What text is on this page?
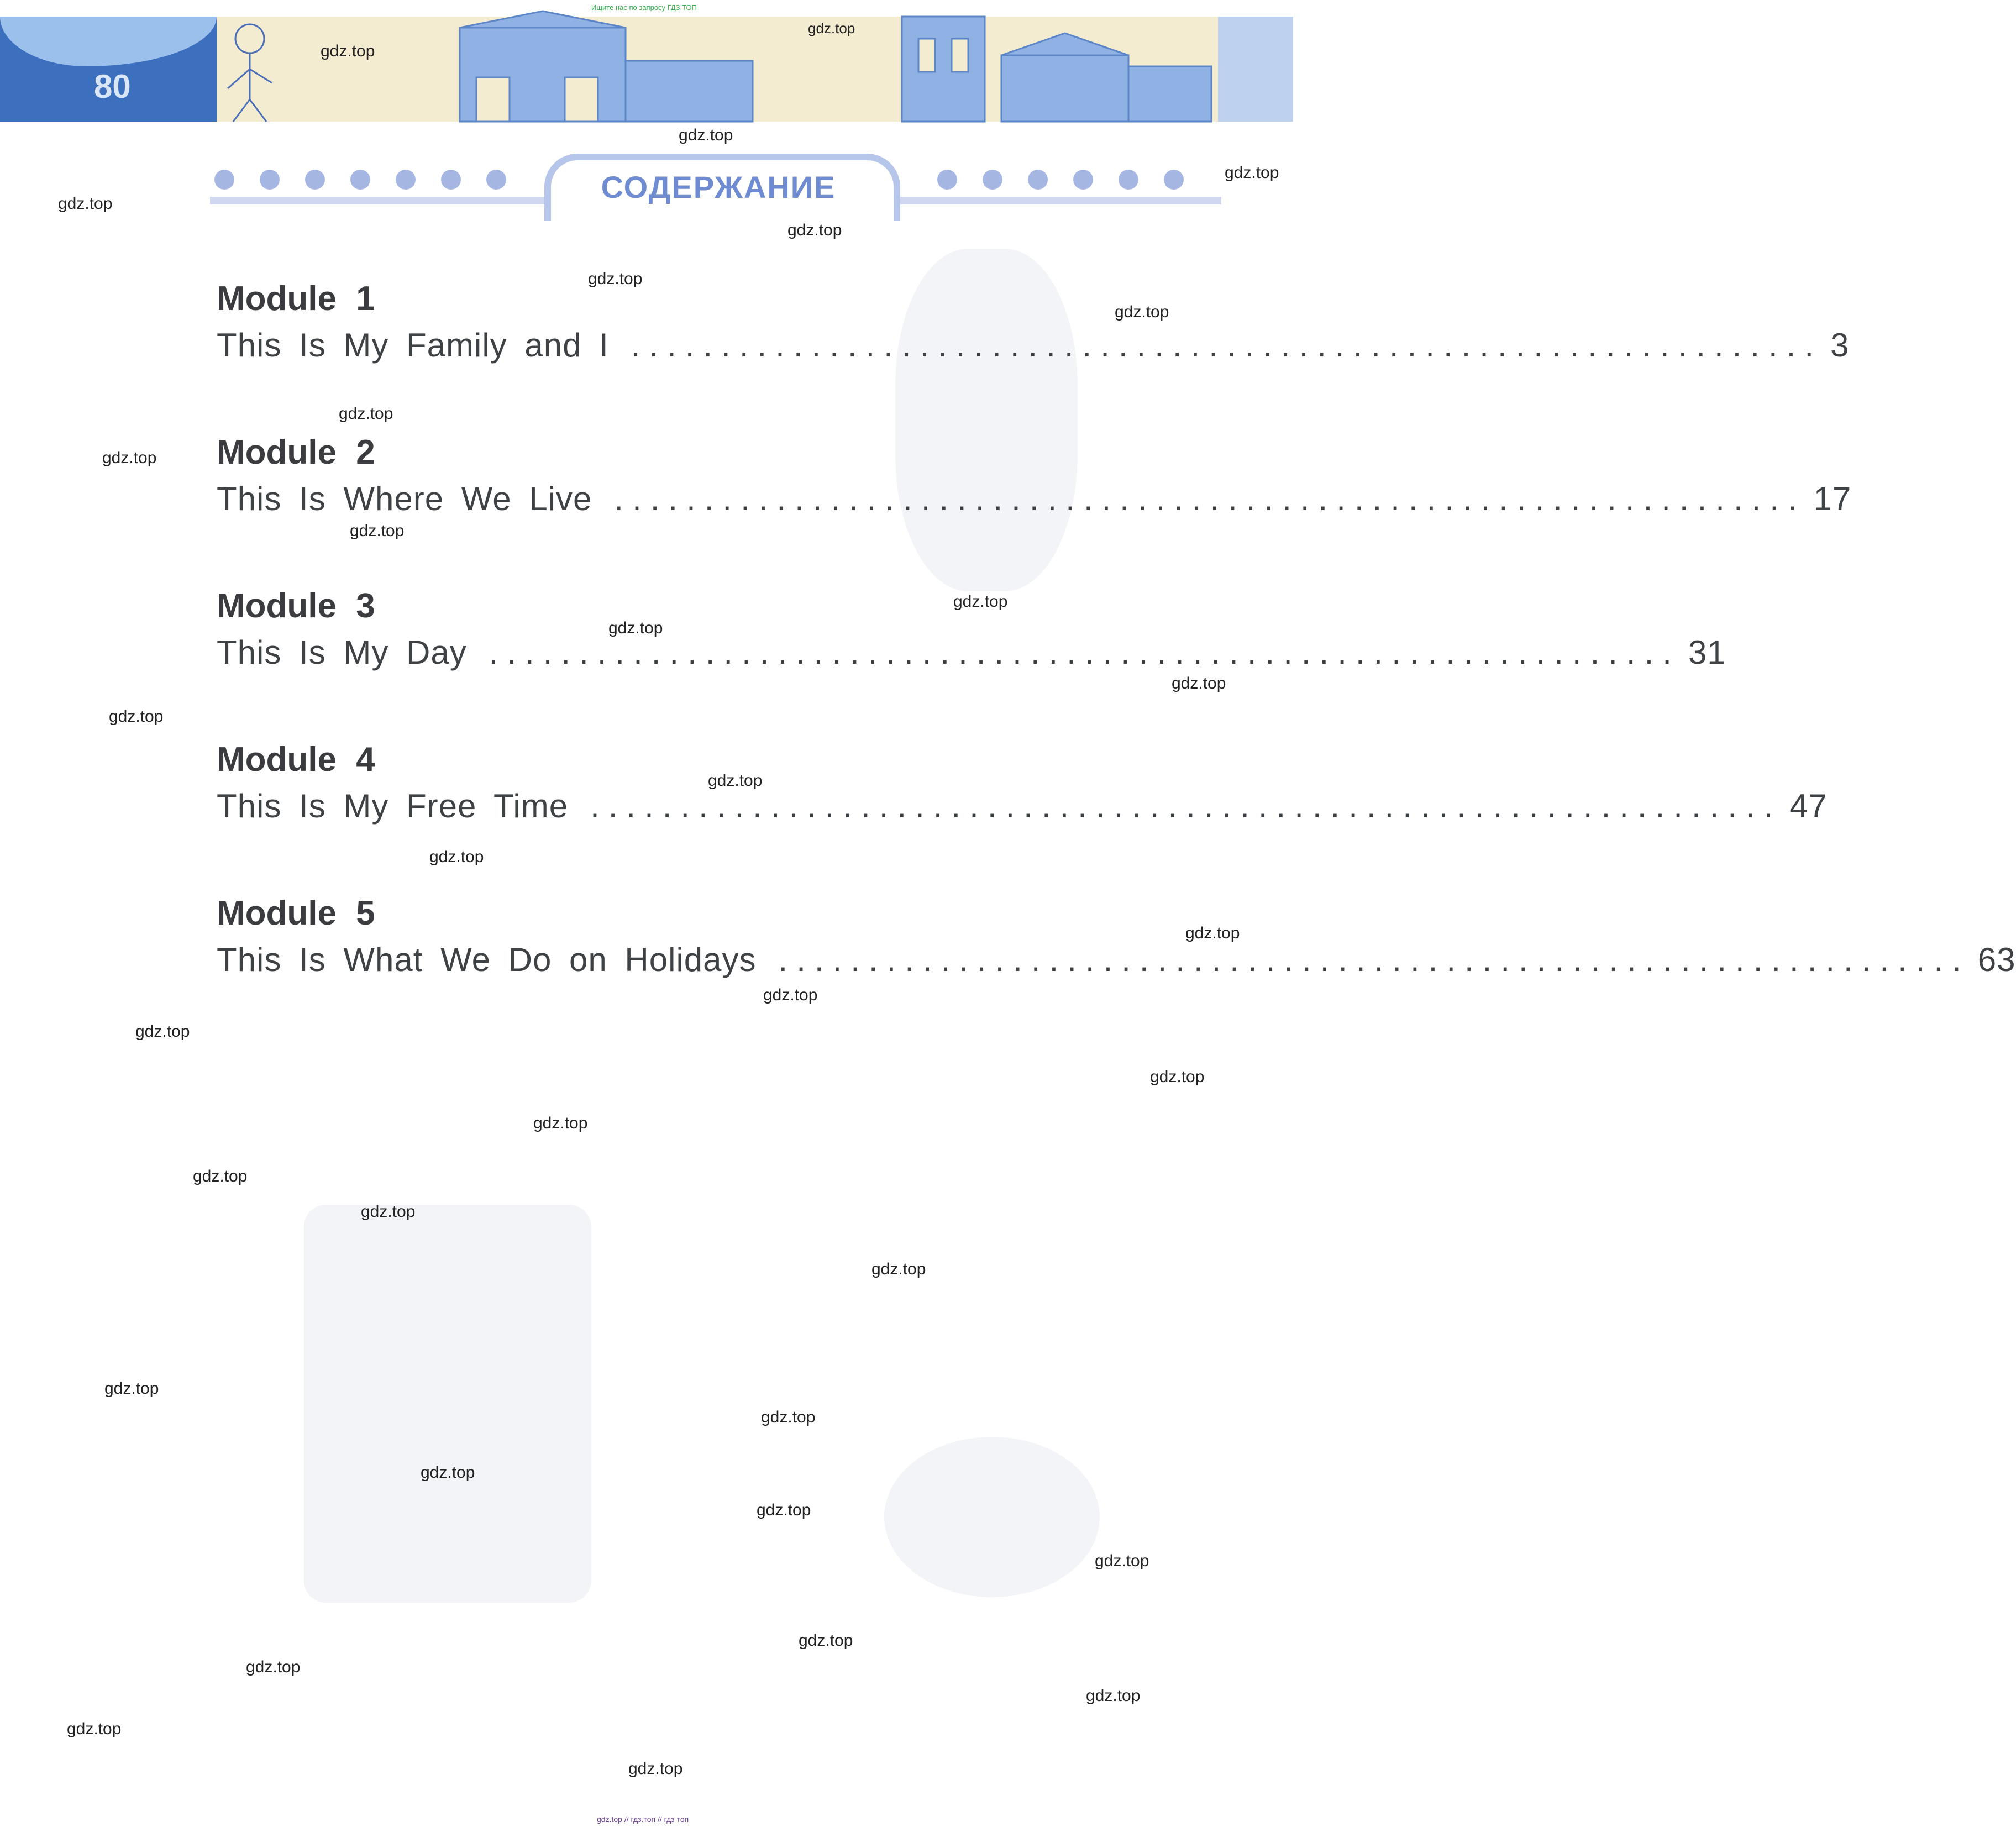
80
Ищите нас по запросу ГДЗ ТОП
СОДЕРЖАНИЕ
Module 1
This Is My Family and I .................................................................. 3
Module 2
This Is Where We Live .................................................................. 17
Module 3
This Is My Day .................................................................. 31
Module 4
This Is My Free Time .................................................................. 47
Module 5
This Is What We Do on Holidays .................................................................. 63
gdz.top
gdz.top
gdz.top
gdz.top
gdz.top
gdz.top
gdz.top
gdz.top
gdz.top
gdz.top
gdz.top
gdz.top
gdz.top
gdz.top
gdz.top
gdz.top
gdz.top
gdz.top
gdz.top
gdz.top
gdz.top
gdz.top
gdz.top
gdz.top
gdz.top
gdz.top
gdz.top
gdz.top
gdz.top
gdz.top
gdz.top
gdz.top
gdz.top
gdz.top
gdz.top
gdz.top // гдз.топ // гдз топ
